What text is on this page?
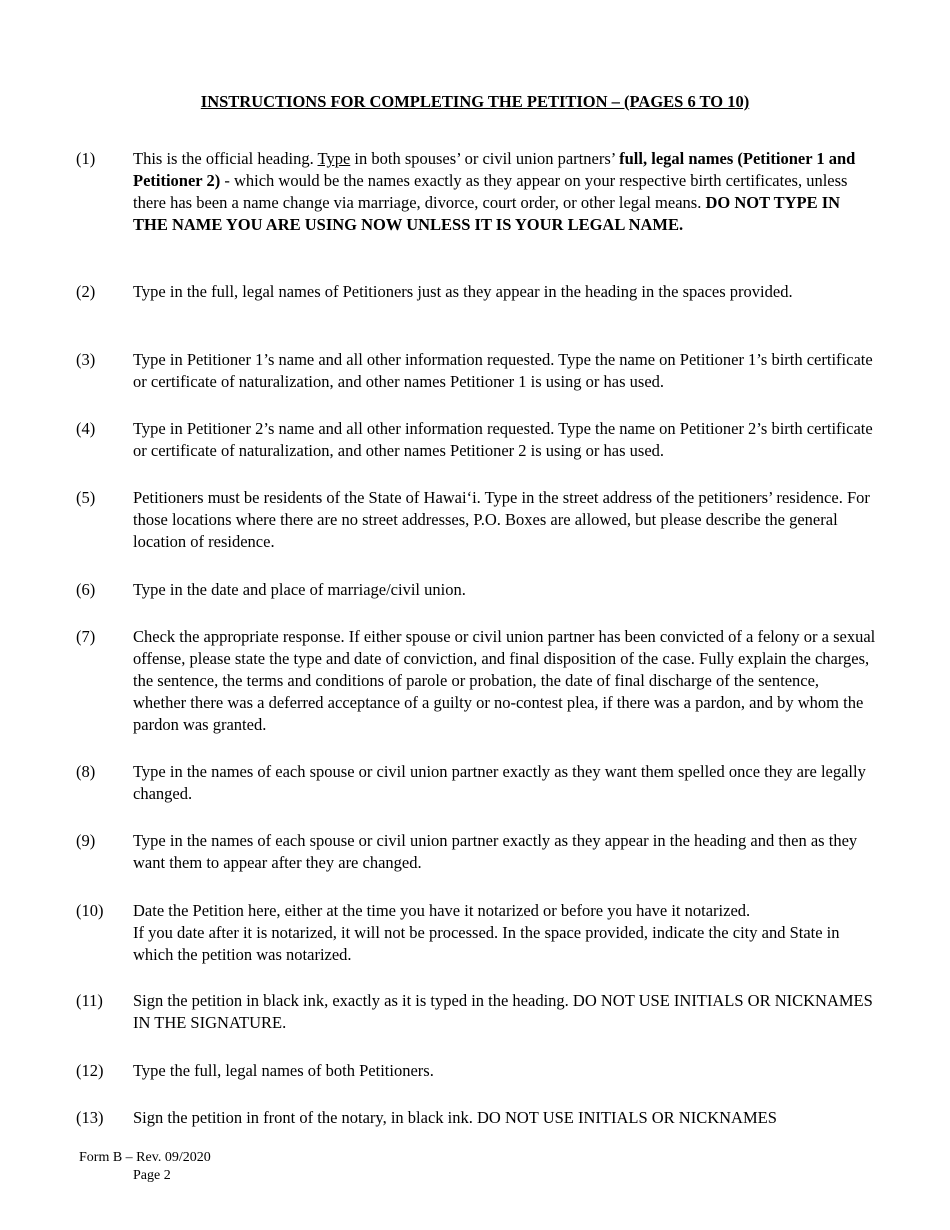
INSTRUCTIONS FOR COMPLETING THE PETITION – (PAGES 6 TO 10)
(1) This is the official heading. Type in both spouses’ or civil union partners’ full, legal names (Petitioner 1 and Petitioner 2) - which would be the names exactly as they appear on your respective birth certificates, unless there has been a name change via marriage, divorce, court order, or other legal means. DO NOT TYPE IN THE NAME YOU ARE USING NOW UNLESS IT IS YOUR LEGAL NAME.
(2) Type in the full, legal names of Petitioners just as they appear in the heading in the spaces provided.
(3) Type in Petitioner 1’s name and all other information requested. Type the name on Petitioner 1’s birth certificate or certificate of naturalization, and other names Petitioner 1 is using or has used.
(4) Type in Petitioner 2’s name and all other information requested. Type the name on Petitioner 2’s birth certificate or certificate of naturalization, and other names Petitioner 2 is using or has used.
(5) Petitioners must be residents of the State of Hawai‘i. Type in the street address of the petitioners’ residence. For those locations where there are no street addresses, P.O. Boxes are allowed, but please describe the general location of residence.
(6) Type in the date and place of marriage/civil union.
(7) Check the appropriate response. If either spouse or civil union partner has been convicted of a felony or a sexual offense, please state the type and date of conviction, and final disposition of the case. Fully explain the charges, the sentence, the terms and conditions of parole or probation, the date of final discharge of the sentence, whether there was a deferred acceptance of a guilty or no-contest plea, if there was a pardon, and by whom the pardon was granted.
(8) Type in the names of each spouse or civil union partner exactly as they want them spelled once they are legally changed.
(9) Type in the names of each spouse or civil union partner exactly as they appear in the heading and then as they want them to appear after they are changed.
(10) Date the Petition here, either at the time you have it notarized or before you have it notarized.
If you date after it is notarized, it will not be processed. In the space provided, indicate the city and State in which the petition was notarized.
(11) Sign the petition in black ink, exactly as it is typed in the heading. DO NOT USE INITIALS OR NICKNAMES IN THE SIGNATURE.
(12) Type the full, legal names of both Petitioners.
(13) Sign the petition in front of the notary, in black ink. DO NOT USE INITIALS OR NICKNAMES
Form B – Rev. 09/2020
Page 2
